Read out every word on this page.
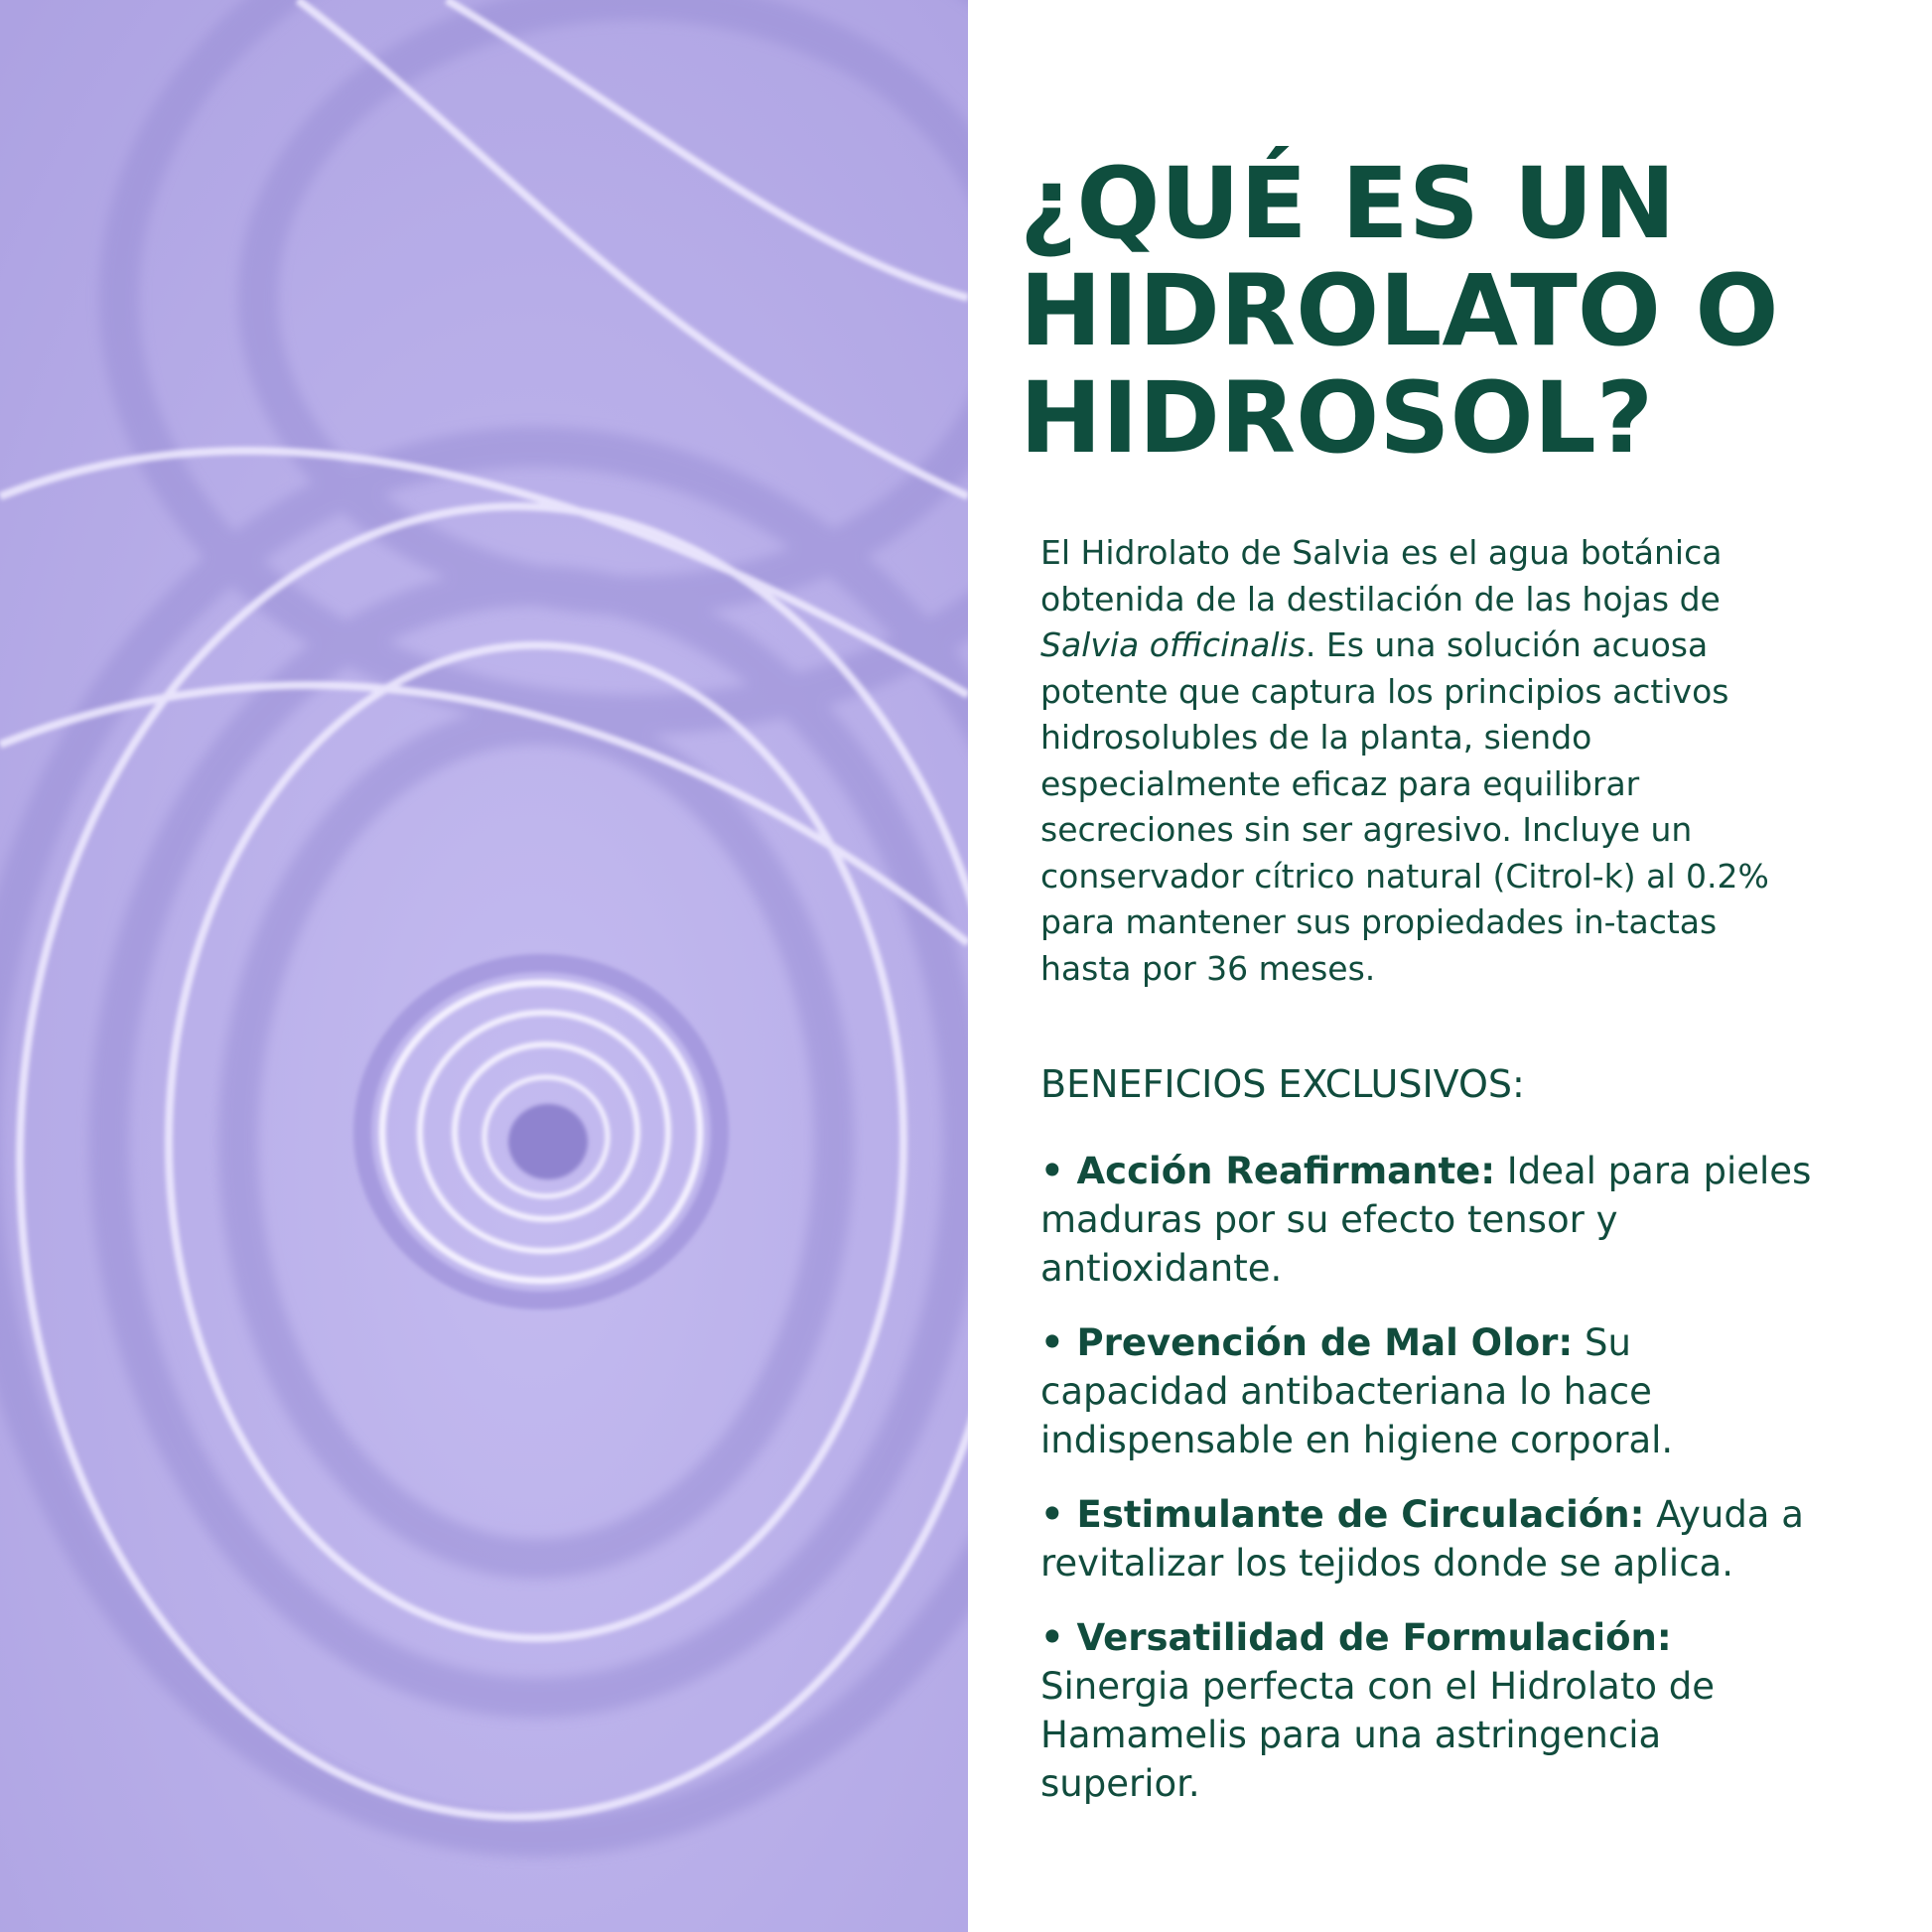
¿QUÉ ES UN
HIDROLATO O
HIDROSOL?

El Hidrolato de Salvia es el agua botánica obtenida de la destilación de las hojas de Salvia officinalis. Es una solución acuosa potente que captura los principios activos hidrosolubles de la planta, siendo especialmente eficaz para equilibrar secreciones sin ser agresivo. Incluye un conservador cítrico natural (Citrol-k) al 0.2% para mantener sus propiedades in-tactas hasta por 36 meses.

BENEFICIOS EXCLUSIVOS:
• Acción Reafirmante: Ideal para pieles maduras por su efecto tensor y antioxidante.
• Prevención de Mal Olor: Su capacidad antibacteriana lo hace indispensable en higiene corporal.
• Estimulante de Circulación: Ayuda a revitalizar los tejidos donde se aplica.
• Versatilidad de Formulación: Sinergia perfecta con el Hidrolato de Hamamelis para una astringencia superior.
